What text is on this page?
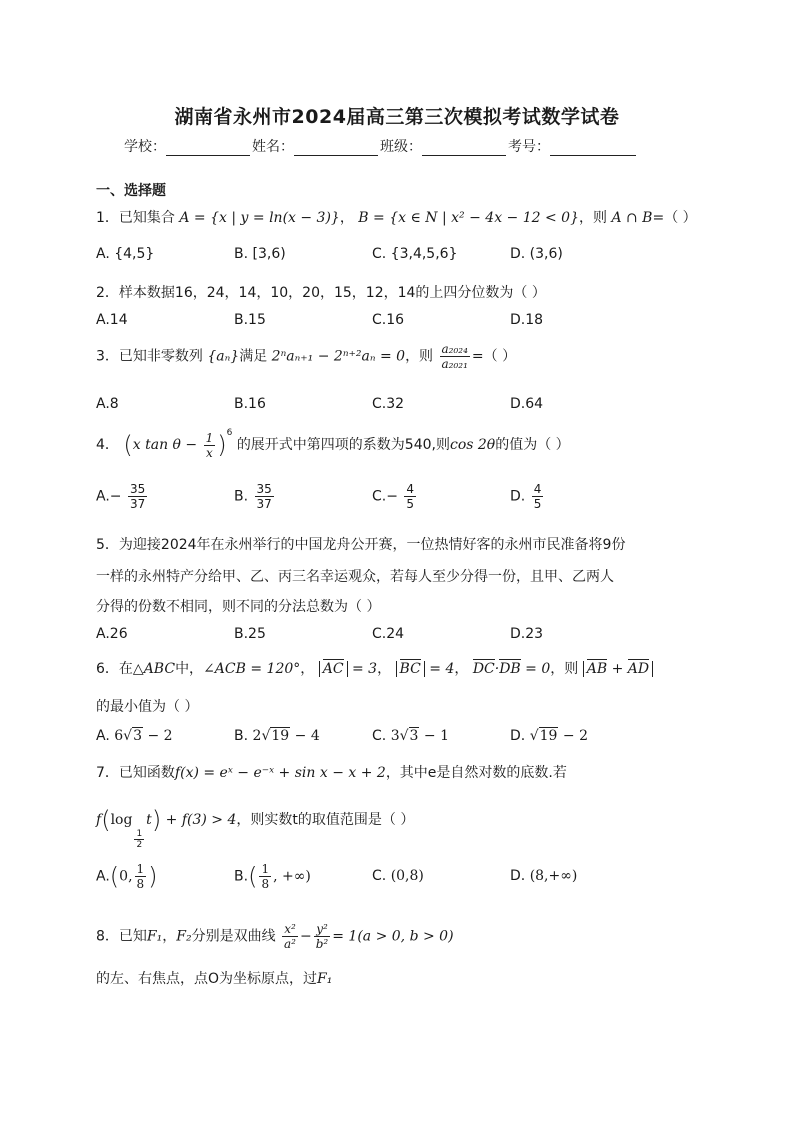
湖南省永州市2024届高三第三次模拟考试数学试卷
学校：	姓名：	班级：	考号：
一、选择题
1．已知集合 A = {x | y = ln(x − 3)}， B = {x ∈ N | x² − 4x − 12 < 0}，则 A ∩ B=（ ）
A. {4,5}	B. [3,6)	C. {3,4,5,6}	D. (3,6)
2．样本数据16，24，14，10，20，15，12，14的上四分位数为（ ）
A.14	B.15	C.16	D.18
3．已知非零数列 {aₙ}满足 2ⁿaₙ₊₁ − 2ⁿ⁺²aₙ = 0，则 $\frac{\text{a₂₀₂₄}}{\text{a₂₀₂₁}}$ =（ ）
A.8	B.16	C.32	D.64
4． (x $\tan \theta - \frac{1}{x} )^6$ 的展开式中第四项的系数为540,则cos 2θ的值为（ ）
$A.- \frac{35}{37}$	B. $\frac{35}{37}$	$C.- \frac{4}{5}$	D. $\frac{4}{5}$
5．为迎接2024年在永州举行的中国龙舟公开赛，一位热情好客的永州市民准备将9份
一样的永州特产分给甲、乙、丙三名幸运观众，若每人至少分得一份，且甲、乙两人
分得的份数不相同，则不同的分法总数为（ ）
A.26	B.25	C.24	D.23
6．在△ABC中，∠ACB = 120°， AC = 3， BC = 4， DC·DB = 0，则 AB + AD
的最小值为（ ）
A. 6√3 − 2	B. 2√19 − 4	C. 3√3 − 1	D. √19 − 2
7．已知函数f(x) = eˣ − e⁻ˣ + sin x − x + 2，其中e是自然对数的底数.若
f(log
$\frac{1}{2}$
t) + f(3) > 4，则实数t的取值范围是（ ）
A.(0, $\frac{1}{8}$ )	$B.( \frac{1}{8}$ , +∞)	C. (0,8)	D. (8,+∞)
8．已知F₁，F₂分别是双曲线 $\frac{\text{x²}}{\text{a²}} - \frac{\text{y²}}{\text{b²}} = 1(a > 0$, b > 0)
的左、右焦点，点O为坐标原点，过F₁
